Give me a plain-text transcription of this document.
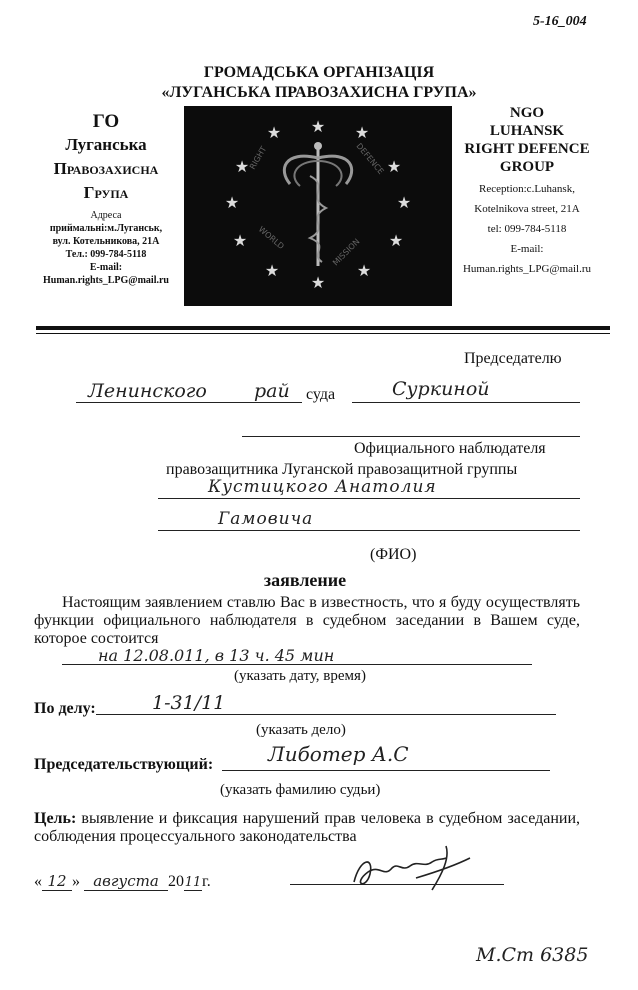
5-16_004
ГРОМАДСЬКА ОРГАНІЗАЦІЯ
«ЛУГАНСЬКА ПРАВОЗАХИСНА ГРУПА»
ГО
Луганська
Правозахисна
Група
Адреса
приймальні:м.Луганськ,
вул. Котельникова, 21А
Тел.: 099-784-5118
E-mail:
Human.rights_LPG@mail.ru
★
★	★
★	★
★	★
★	★
★	★
★
RIGHT	DEFENCE
WORLD	MISSION
NGO
LUHANSK
RIGHT DEFENCE
GROUP
Reception:c.Luhansk,
Kotelnikova street, 21A
tel: 099-784-5118
E-mail:
Human.rights_LPG@mail.ru
Председателю
Ленинского рай суда	Суркиной
Официального наблюдателя
правозащитника Луганской правозащитной группы
Кустицкого Анатолия
Гамовича
(ФИО)
заявление
Настоящим заявлением ставлю Вас в известность, что я буду осуществлять функции официального наблюдателя в судебном заседании в Вашем суде, которое состоится
на 12.08.011, в 13 ч. 45 мин
(указать дату, время)
По делу:	1-31/11
(указать дело)
Председательствующий:	Либотер А.С
(указать фамилию судьи)
Цель: выявление и фиксация нарушений прав человека в судебном заседании, соблюдения процессуального законодательства
« 12 » августа 2011г.
М.Ст 6385
